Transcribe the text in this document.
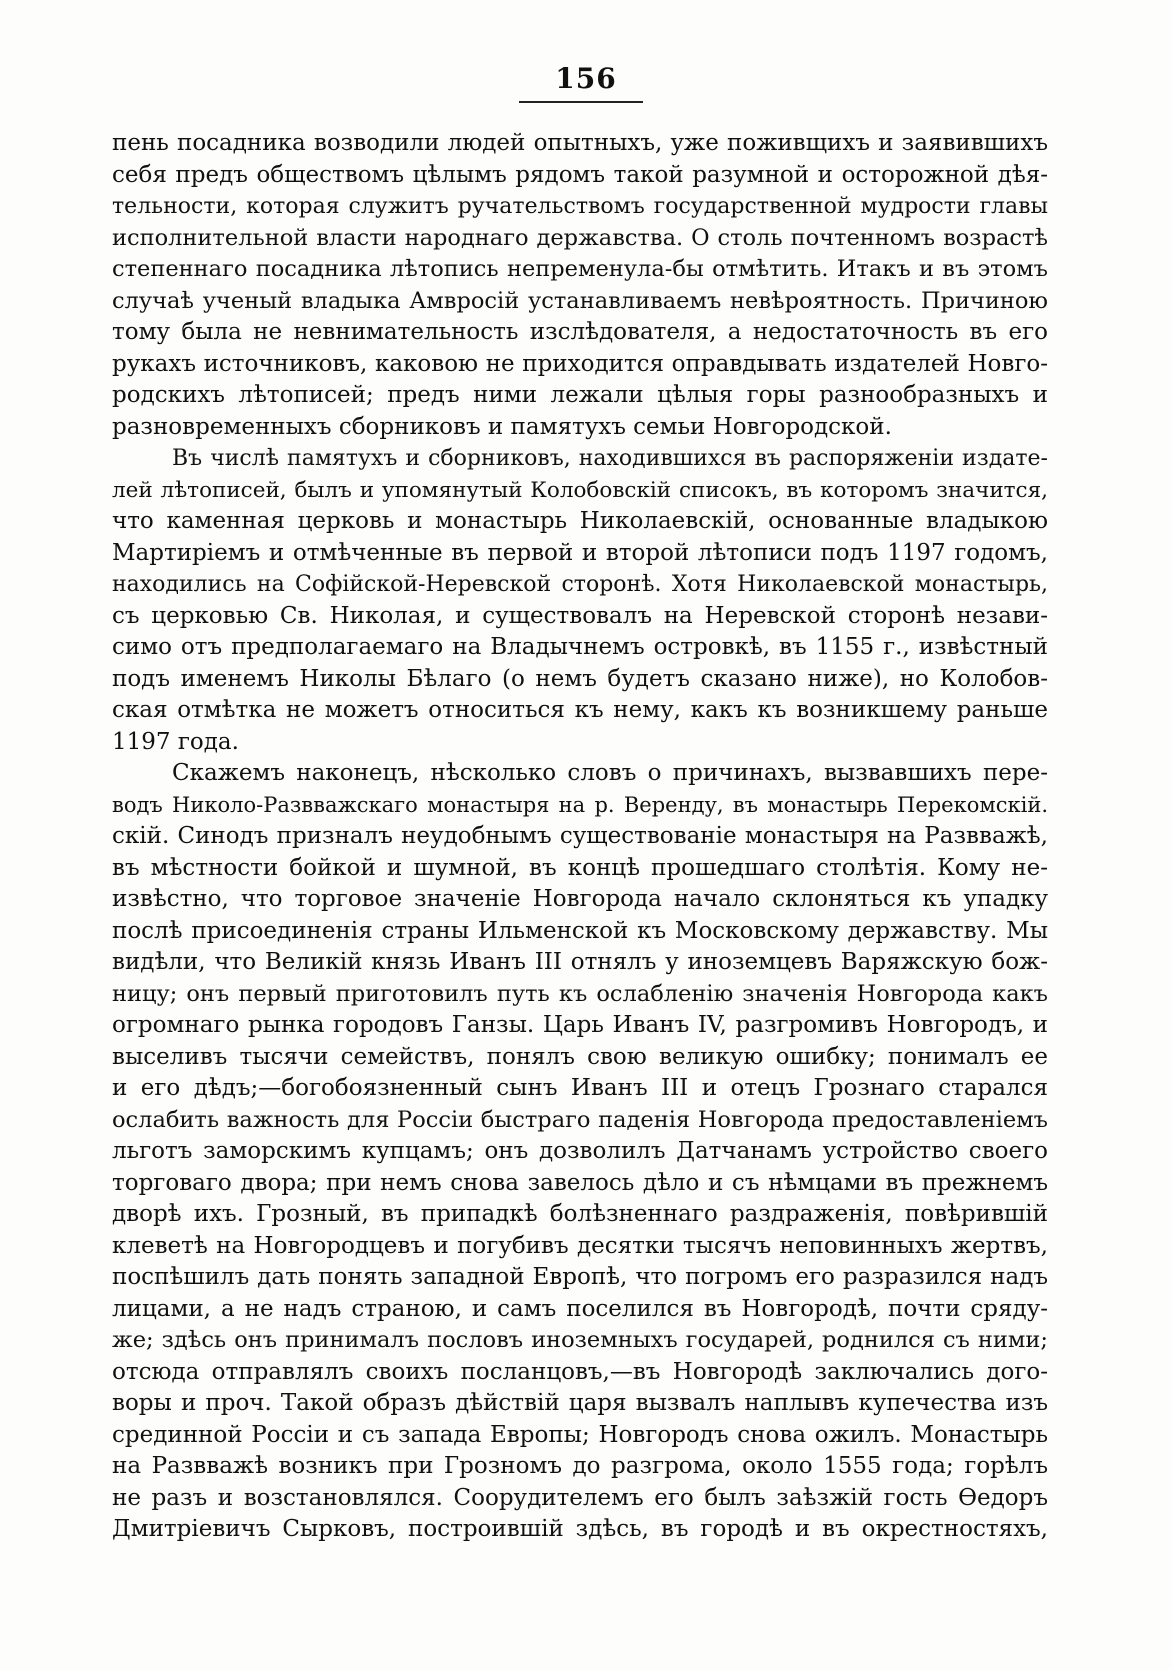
156
пень посадника возводили людей опытныхъ, уже поживщихъ и заявившихъ
себя предъ обществомъ цѣлымъ рядомъ такой разумной и осторожной дѣя-
тельности, которая служитъ ручательствомъ государственной мудрости главы
исполнительной власти народнаго державства. О столь почтенномъ возрастѣ
степеннаго посадника лѣтопись непременула-бы отмѣтить. Итакъ и въ этомъ
случаѣ ученый владыка Амвросій устанавливаемъ невѣроятность. Причиною
тому была не невнимательность изслѣдователя, а недостаточность въ его
рукахъ источниковъ, каковою не приходится оправдывать издателей Новго-
родскихъ лѣтописей; предъ ними лежали цѣлыя горы разнообразныхъ и
разновременныхъ сборниковъ и памятухъ семьи Новгородской.
Въ числѣ памятухъ и сборниковъ, находившихся въ распоряженіи издате-
лей лѣтописей, былъ и упомянутый Колобовскій списокъ, въ которомъ значится,
что каменная церковь и монастырь Николаевскій, основанные владыкою
Мартиріемъ и отмѣченные въ первой и второй лѣтописи подъ 1197 годомъ,
находились на Софійской-Неревской сторонѣ. Хотя Николаевской монастырь,
съ церковью Св. Николая, и существовалъ на Неревской сторонѣ незави-
симо отъ предполагаемаго на Владычнемъ островкѣ, въ 1155 г., извѣстный
подъ именемъ Николы Бѣлаго (о немъ будетъ сказано ниже), но Колобов-
ская отмѣтка не можетъ относиться къ нему, какъ къ возникшему раньше
1197 года.
Скажемъ наконецъ, нѣсколько словъ о причинахъ, вызвавшихъ пере-
водъ Николо-Развважскаго монастыря на р. Веренду, въ монастырь Перекомскій.
скій. Синодъ призналъ неудобнымъ существованіе монастыря на Развважѣ,
въ мѣстности бойкой и шумной, въ концѣ прошедшаго столѣтія. Кому не-
извѣстно, что торговое значеніе Новгорода начало склоняться къ упадку
послѣ присоединенія страны Ильменской къ Московскому державству. Мы
видѣли, что Великій князь Иванъ III отнялъ у иноземцевъ Варяжскую бож-
ницу; онъ первый приготовилъ путь къ ослабленію значенія Новгорода какъ
огромнаго рынка городовъ Ганзы. Царь Иванъ IV, разгромивъ Новгородъ, и
выселивъ тысячи семействъ, понялъ свою великую ошибку; понималъ ее
и его дѣдъ;—богобоязненный сынъ Иванъ III и отецъ Грознаго старался
ослабить важность для Россіи быстраго паденія Новгорода предоставленіемъ
льготъ заморскимъ купцамъ; онъ дозволилъ Датчанамъ устройство своего
торговаго двора; при немъ снова завелось дѣло и съ нѣмцами въ прежнемъ
дворѣ ихъ. Грозный, въ припадкѣ болѣзненнаго раздраженія, повѣрившій
клеветѣ на Новгородцевъ и погубивъ десятки тысячъ неповинныхъ жертвъ,
поспѣшилъ дать понять западной Европѣ, что погромъ его разразился надъ
лицами, а не надъ страною, и самъ поселился въ Новгородѣ, почти сряду-
же; здѣсь онъ принималъ пословъ иноземныхъ государей, роднился съ ними;
отсюда отправлялъ своихъ посланцовъ,—въ Новгородѣ заключались дого-
воры и проч. Такой образъ дѣйствій царя вызвалъ наплывъ купечества изъ
срединной Россіи и съ запада Европы; Новгородъ снова ожилъ. Монастырь
на Развважѣ возникъ при Грозномъ до разгрома, около 1555 года; горѣлъ
не разъ и возстановлялся. Соорудителемъ его былъ заѣзжій гость Ѳедоръ
Дмитріевичъ Сырковъ, построившій здѣсь, въ городѣ и въ окрестностяхъ,
